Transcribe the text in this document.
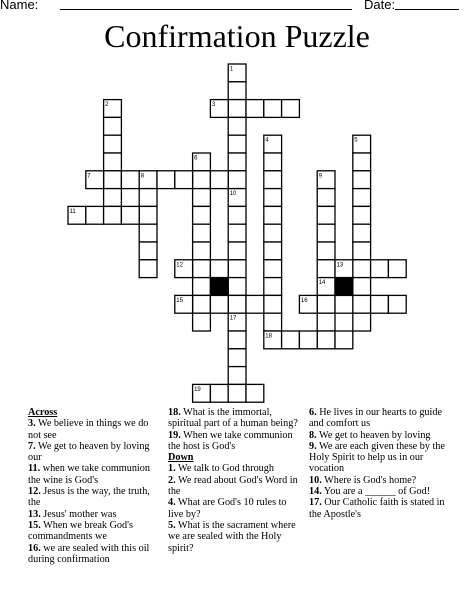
Name:	Date:
Confirmation Puzzle
1
2	3
4	5
6
7	8	9
10
11
12	13
14
15	16
17
18
19
Across
3. We believe in things we do not see
7. We get to heaven by loving our
11. when we take communion the wine is God's
12. Jesus is the way, the truth, the
13. Jesus' mother was
15. When we break God's commandments we
16. we are sealed with this oil during confirmation
18. What is the immortal, spiritual part of a human being?
19. When we take communion the host is God's
Down
1. We talk to God through
2. We read about God's Word in the
4. What are God's 10 rules to live by?
5. What is the sacrament where we are sealed with the Holy spirit?
6. He lives in our hearts to guide and comfort us
8. We get to heaven by loving
9. We are each given these by the Holy Spirit to help us in our vocation
10. Where is God's home?
14. You are a ______ of God!
17. Our Catholic faith is stated in the Apostle's
